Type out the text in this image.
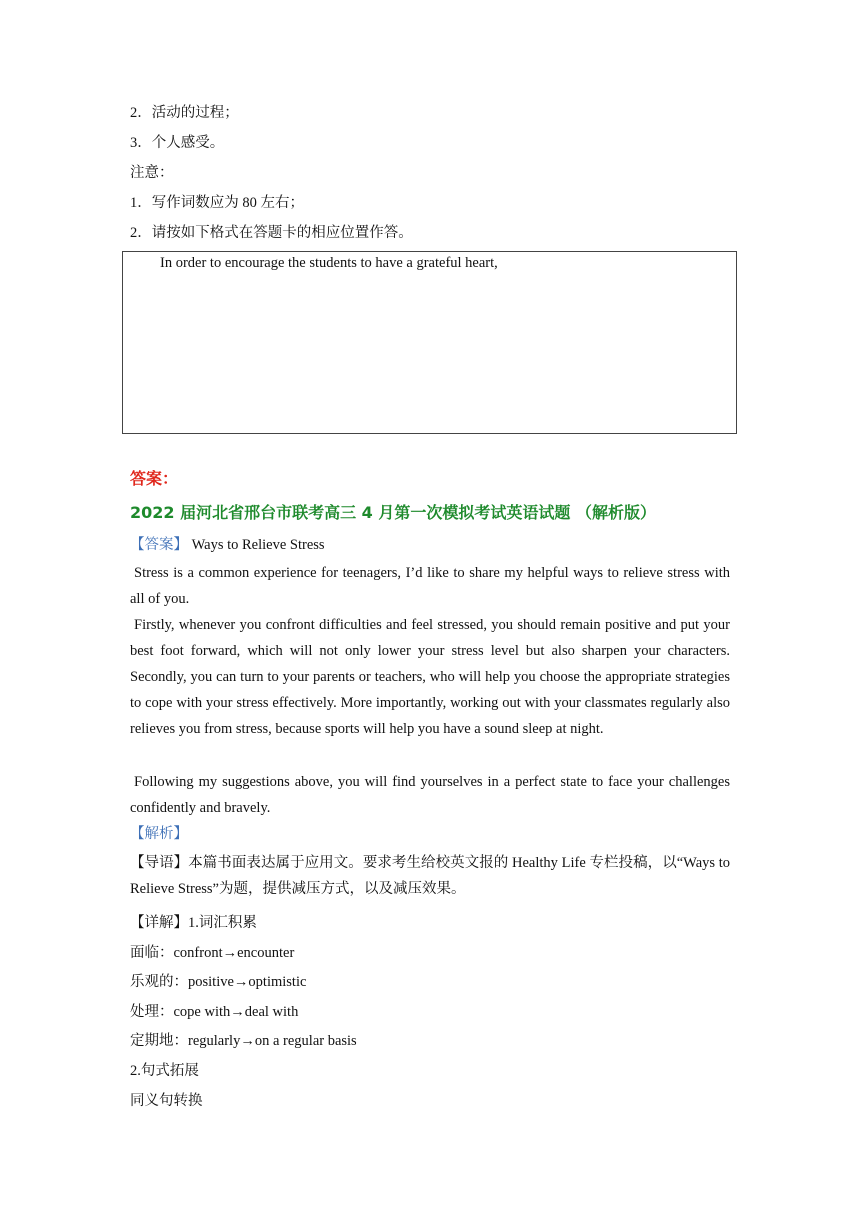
2．活动的过程；
3．个人感受。
注意：
1．写作词数应为 80 左右；
2．请按如下格式在答题卡的相应位置作答。
In order to encourage the students to have a grateful heart,
答案：
2022 届河北省邢台市联考高三 4 月第一次模拟考试英语试题 （解析版）
【答案】 Ways to Relieve Stress
Stress is a common experience for teenagers, I’d like to share my helpful ways to relieve stress with all of you.
Firstly, whenever you confront difficulties and feel stressed, you should remain positive and put your best foot forward, which will not only lower your stress level but also sharpen your characters. Secondly, you can turn to your parents or teachers, who will help you choose the appropriate strategies to cope with your stress effectively. More importantly, working out with your classmates regularly also relieves you from stress, because sports will help you have a sound sleep at night.
Following my suggestions above, you will find yourselves in a perfect state to face your challenges confidently and bravely.
【解析】
【导语】本篇书面表达属于应用文。要求考生给校英文报的 Healthy Life 专栏投稿，以“Ways to Relieve Stress”为题，提供减压方式，以及减压效果。
【详解】1.词汇积累
面临：confront→encounter
乐观的：positive→optimistic
处理：cope with→deal with
定期地：regularly→on a regular basis
2.句式拓展
同义句转换
